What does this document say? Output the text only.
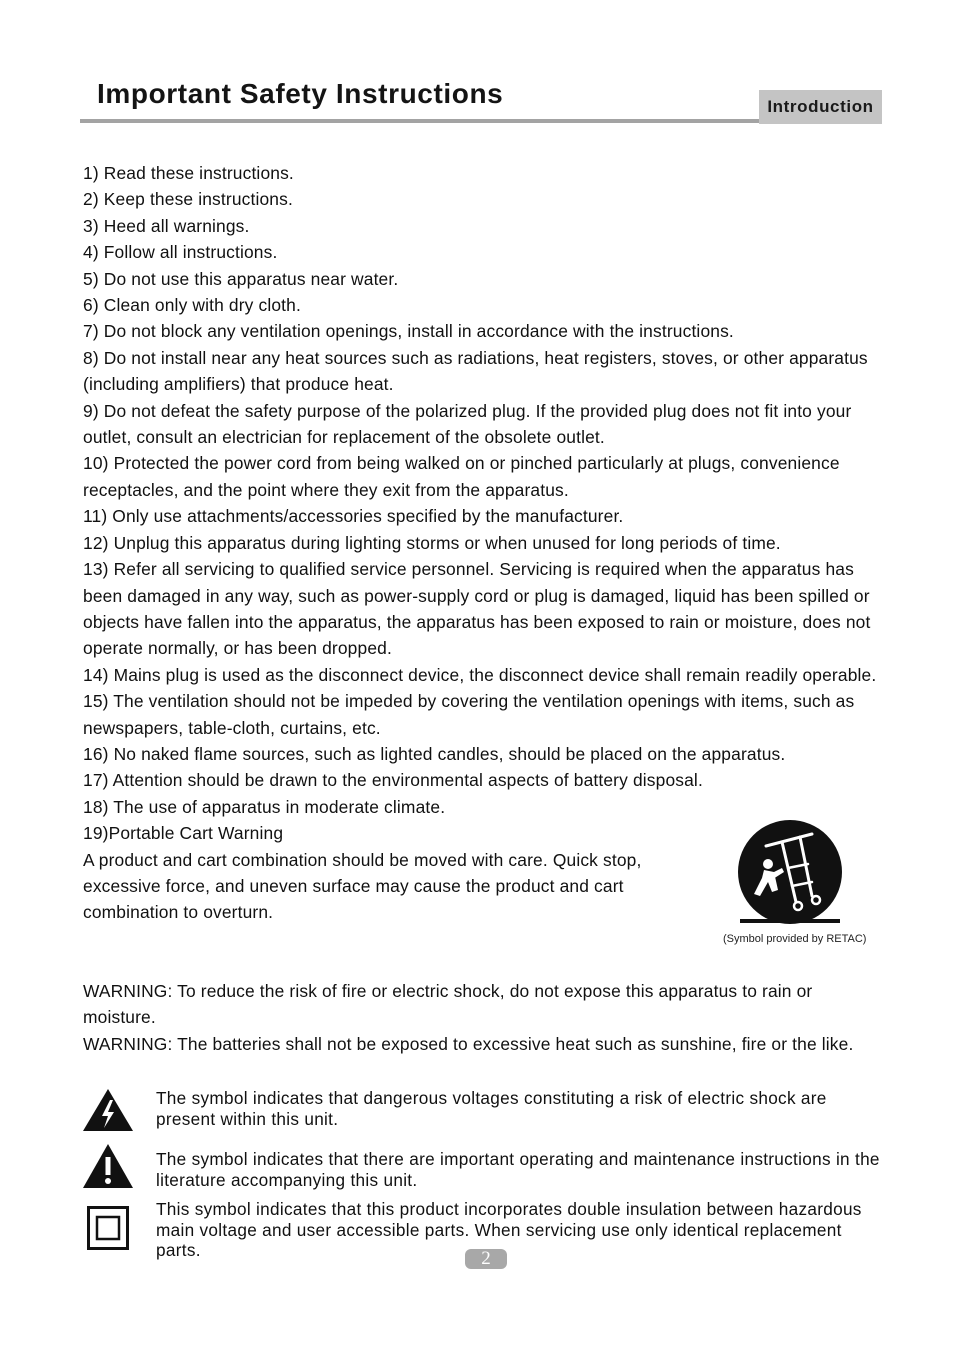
Important Safety Instructions	Introduction
1) Read these instructions.
2) Keep these instructions.
3) Heed all warnings.
4) Follow all instructions.
5) Do not use this apparatus near water.
6) Clean only with dry cloth.
7) Do not block any ventilation openings, install in accordance with the instructions.
8) Do not install near any heat sources such as radiations, heat registers, stoves, or other apparatus (including amplifiers) that produce heat.
9) Do not defeat the safety purpose of the polarized plug. If the provided plug does not fit into your outlet, consult an electrician for replacement of the obsolete outlet.
10) Protected the power cord from being walked on or pinched particularly at plugs, convenience receptacles, and the point where they exit from the apparatus.
11) Only use attachments/accessories specified by the manufacturer.
12) Unplug this apparatus during lighting storms or when unused for long periods of time.
13) Refer all servicing to qualified service personnel. Servicing is required when the apparatus has been damaged in any way, such as power-supply cord or plug is damaged, liquid has been spilled or objects have fallen into the apparatus, the apparatus has been exposed to rain or moisture, does not operate normally, or has been dropped.
14) Mains plug is used as the disconnect device, the disconnect device shall remain readily operable.
15) The ventilation should not be impeded by covering the ventilation openings with items, such as newspapers, table-cloth, curtains, etc.
16) No naked flame sources, such as lighted candles, should be placed on the apparatus.
17) Attention should be drawn to the environmental aspects of battery disposal.
18) The use of apparatus in moderate climate.
19)Portable Cart Warning
A product and cart combination should be moved with care. Quick stop, excessive force, and uneven surface may cause the product and cart combination to overturn.
(Symbol provided by RETAC)
WARNING: To reduce the risk of fire or electric shock, do not expose this apparatus to rain or moisture.
WARNING: The batteries shall not be exposed to excessive heat such as sunshine, fire or the like.
The symbol indicates that dangerous voltages constituting a risk of electric shock are present within this unit.
The symbol indicates that there are important operating and maintenance instructions in the literature accompanying this unit.
This symbol indicates that this product incorporates double insulation between hazardous main voltage and user accessible parts. When servicing use only identical replacement parts.	2
